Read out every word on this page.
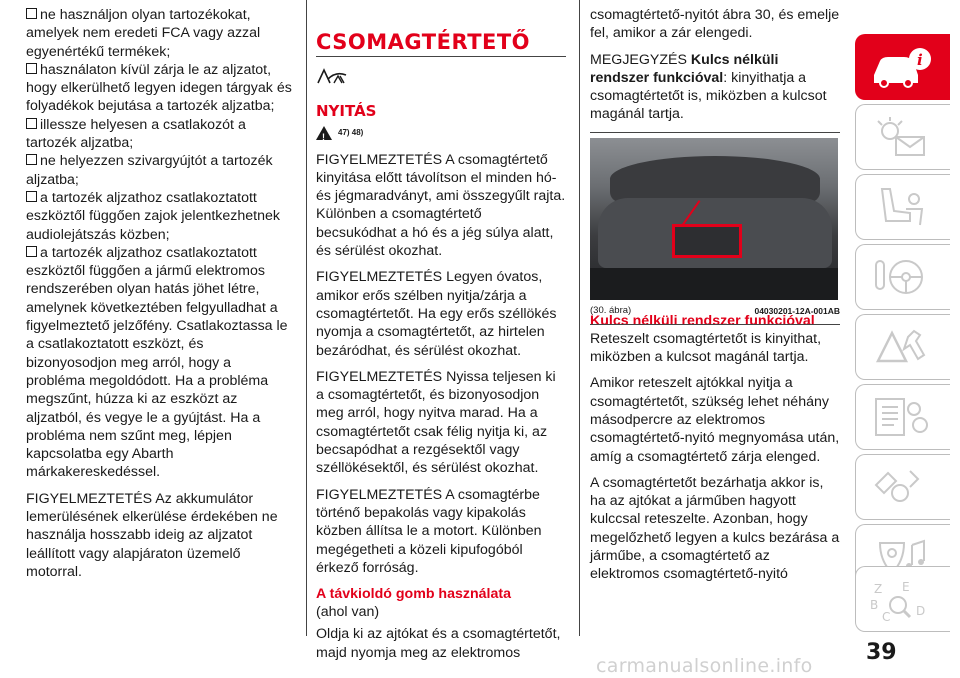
ne használjon olyan tartozékokat, amelyek nem eredeti FCA vagy azzal egyenértékű termékek;
használaton kívül zárja le az aljzatot, hogy elkerülhető legyen idegen tárgyak és folyadékok bejutása a tartozék aljzatba;
illessze helyesen a csatlakozót a tartozék aljzatba;
ne helyezzen szivargyújtót a tartozék aljzatba;
a tartozék aljzathoz csatlakoztatott eszköztől függően zajok jelentkezhetnek audiolejátszás közben;
a tartozék aljzathoz csatlakoztatott eszköztől függően a jármű elektromos rendszerében olyan hatás jöhet létre, amelynek következtében felgyulladhat a figyelmeztető jelzőfény. Csatlakoztassa le a csatlakoztatott eszközt, és bizonyosodjon meg arról, hogy a probléma megoldódott. Ha a probléma megszűnt, húzza ki az eszközt az aljzatból, és vegye le a gyújtást. Ha a probléma nem szűnt meg, lépjen kapcsolatba egy Abarth márkakereskedéssel.

FIGYELMEZTETÉS Az akkumulátor lemerülésének elkerülése érdekében ne használja hosszabb ideig az aljzatot leállított vagy alapjáraton üzemelő motorral.

CSOMAGTÉRTETŐ
NYITÁS
!
47) 48)

FIGYELMEZTETÉS A csomagtértető kinyitása előtt távolítson el minden hó- és jégmaradványt, ami összegyűlt rajta. Különben a csomagtértető becsukódhat a hó és a jég súlya alatt, és sérülést okozhat.

FIGYELMEZTETÉS Legyen óvatos, amikor erős szélben nyitja/zárja a csomagtértetőt. Ha egy erős széllökés nyomja a csomagtértetőt, az hirtelen bezáródhat, és sérülést okozhat.

FIGYELMEZTETÉS Nyissa teljesen ki a csomagtértetőt, és bizonyosodjon meg arról, hogy nyitva marad. Ha a csomagtértetőt csak félig nyitja ki, az becsapódhat a rezgésektől vagy széllökésektől, és sérülést okozhat.

FIGYELMEZTETÉS A csomagtérbe történő bepakolás vagy kipakolás közben állítsa le a motort. Különben megégetheti a közeli kipufogóból érkező forróság.

A távkioldó gomb használata
(ahol van)

Oldja ki az ajtókat és a csomagtértetőt, majd nyomja meg az elektromos

csomagtértető-nyitót ábra 30, és emelje fel, amikor a zár elengedi.

MEGJEGYZÉS Kulcs nélküli rendszer funkcióval: kinyithatja a csomagtértetőt is, miközben a kulcsot magánál tartja.

(30. ábra)	04030201-12A-001AB
Kulcs nélküli rendszer funkcióval

Reteszelt csomagtértetőt is kinyithat, miközben a kulcsot magánál tartja.

Amikor reteszelt ajtókkal nyitja a csomagtértetőt, szükség lehet néhány másodpercre az elektromos csomagtértető-nyitó megnyomása után, amíg a csomagtértető zárja elenged.

A csomagtértetőt bezárhatja akkor is, ha az ajtókat a járműben hagyott kulccsal reteszelte. Azonban, hogy megelőzhető legyen a kulcs bezárása a járműbe, a csomagtértető az elektromos csomagtértető-nyitó

i
Z E
B
C D
39
carmanualsonline.info
